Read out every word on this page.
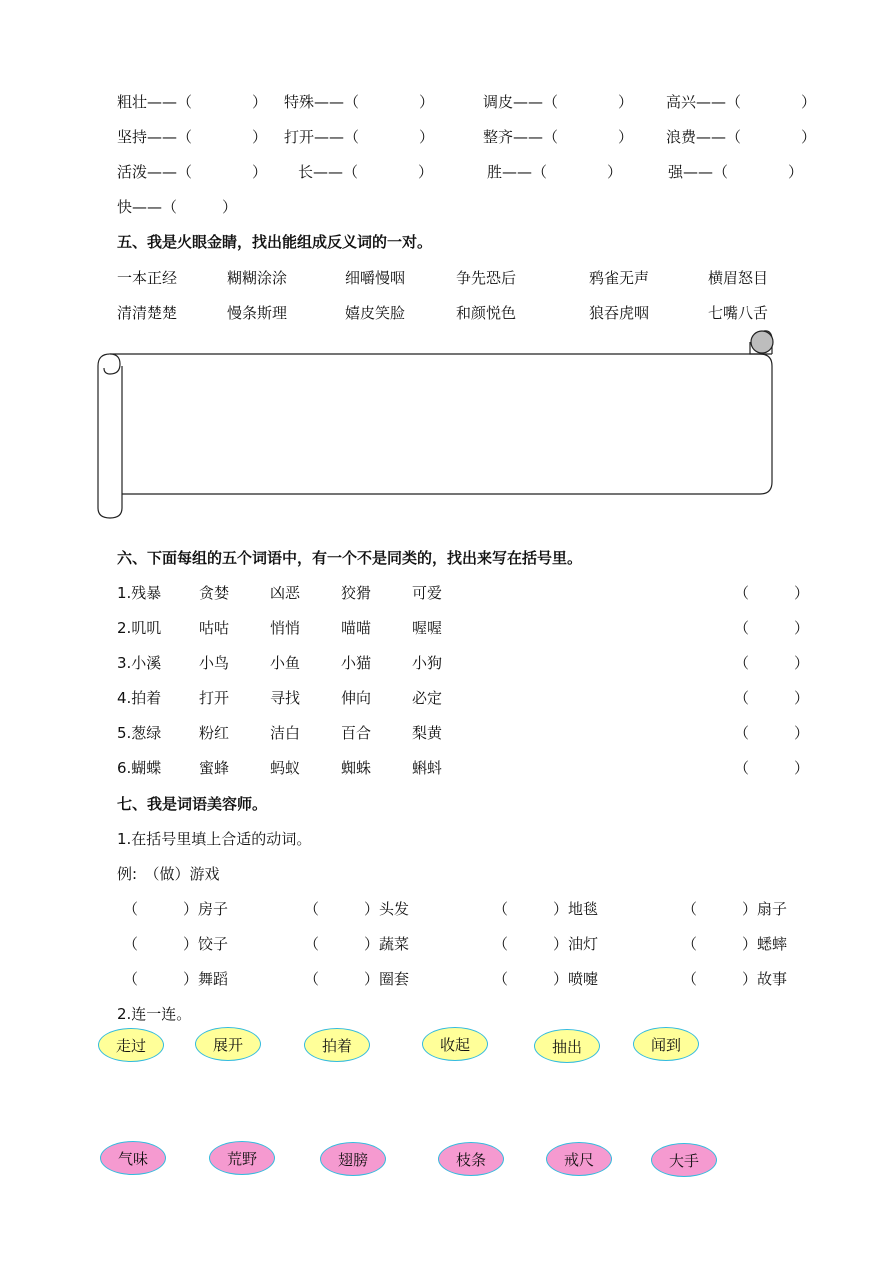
粗壮——（　　　　） 特殊——（　　　　）	调皮——（　　　　） 高兴——（　　　　）
坚持——（　　　　） 打开——（　　　　）	整齐——（　　　　） 浪费——（　　　　）
活泼——（　　　　） 长——（　　　　）	胜——（　　　　）	强——（　　　　）
快——（　　　）
五、我是火眼金睛，找出能组成反义词的一对。
一本正经	糊糊涂涂	细嚼慢咽	争先恐后	鸦雀无声	横眉怒目
清清楚楚	慢条斯理	嬉皮笑脸	和颜悦色	狼吞虎咽	七嘴八舌
六、下面每组的五个词语中，有一个不是同类的，找出来写在括号里。
1.残暴	贪婪	凶恶	狡猾	可爱	（　　　）
2.叽叽	咕咕	悄悄	喵喵	喔喔	（　　　）
3.小溪	小鸟	小鱼	小猫	小狗	（　　　）
4.拍着	打开	寻找	伸向	必定	（　　　）
5.葱绿	粉红	洁白	百合	梨黄	（　　　）
6.蝴蝶	蜜蜂	蚂蚁	蜘蛛	蝌蚪	（　　　）
七、我是词语美容师。
1.在括号里填上合适的动词。
例:　（做）游戏
（　　　）房子	（　　　）头发	（　　　）地毯	（　　　）扇子
（　　　）饺子	（　　　）蔬菜	（　　　）油灯	（　　　）蟋蟀
（　　　）舞蹈	（　　　）圈套	（　　　）喷嚏	（　　　）故事
2.连一连。
走过	展开	拍着	收起	抽出	闻到
气味	荒野	翅膀	枝条	戒尺	大手
